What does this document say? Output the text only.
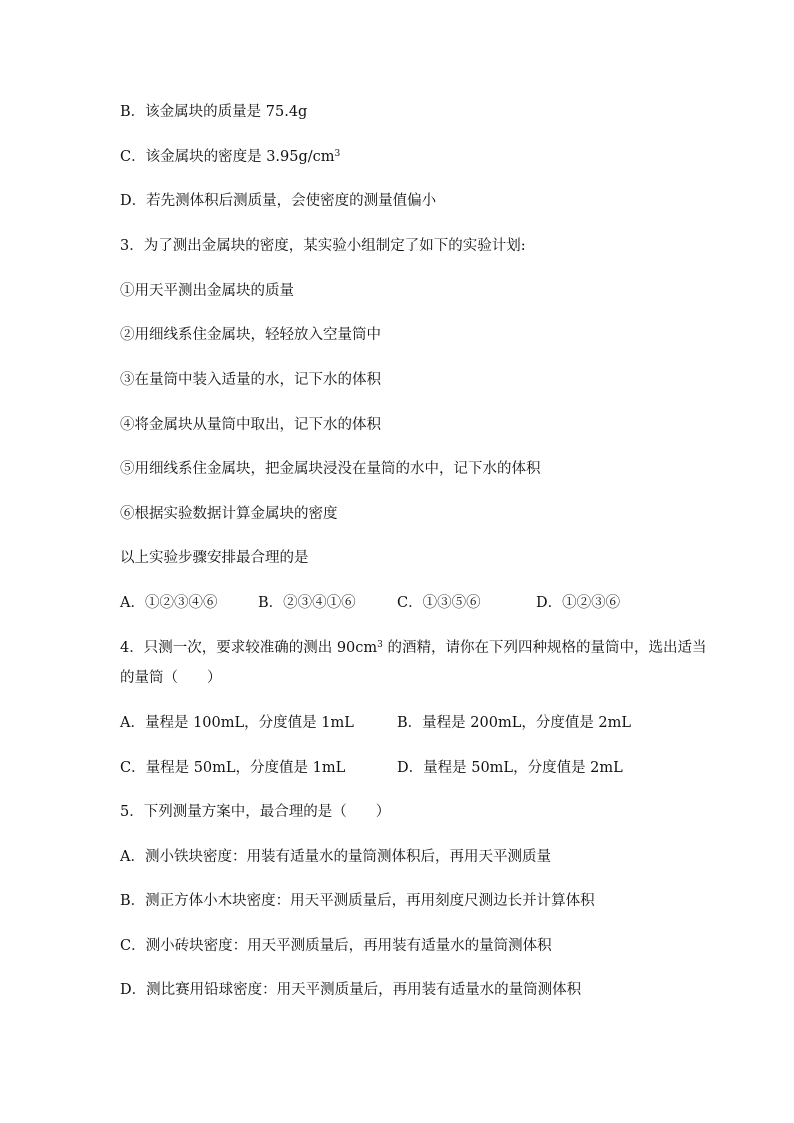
B．该金属块的质量是 75.4g
C．该金属块的密度是 $3.95g/cm^3$
D．若先测体积后测质量，会使密度的测量值偏小
3．为了测出金属块的密度，某实验小组制定了如下的实验计划:
①用天平测出金属块的质量
②用细线系住金属块，轻轻放入空量筒中
③在量筒中装入适量的水，记下水的体积
④将金属块从量筒中取出，记下水的体积
⑤用细线系住金属块，把金属块浸没在量筒的水中，记下水的体积
⑥根据实验数据计算金属块的密度
以上实验步骤安排最合理的是
A．①②③④⑥	B．②③④①⑥	C．①③⑤⑥	D．①②③⑥
4．只测一次，要求较准确的测出 $90cm^3$ 的酒精，请你在下列四种规格的量筒中，选出适当
的量筒（　　）
A．量程是 100mL，分度值是 1mL	B．量程是 200mL，分度值是 2mL
C．量程是 50mL，分度值是 1mL	D．量程是 50mL，分度值是 2mL
5．下列测量方案中，最合理的是（　　）
A．测小铁块密度：用装有适量水的量筒测体积后，再用天平测质量
B．测正方体小木块密度：用天平测质量后，再用刻度尺测边长并计算体积
C．测小砖块密度：用天平测质量后，再用装有适量水的量筒测体积
D．测比赛用铅球密度：用天平测质量后，再用装有适量水的量筒测体积
